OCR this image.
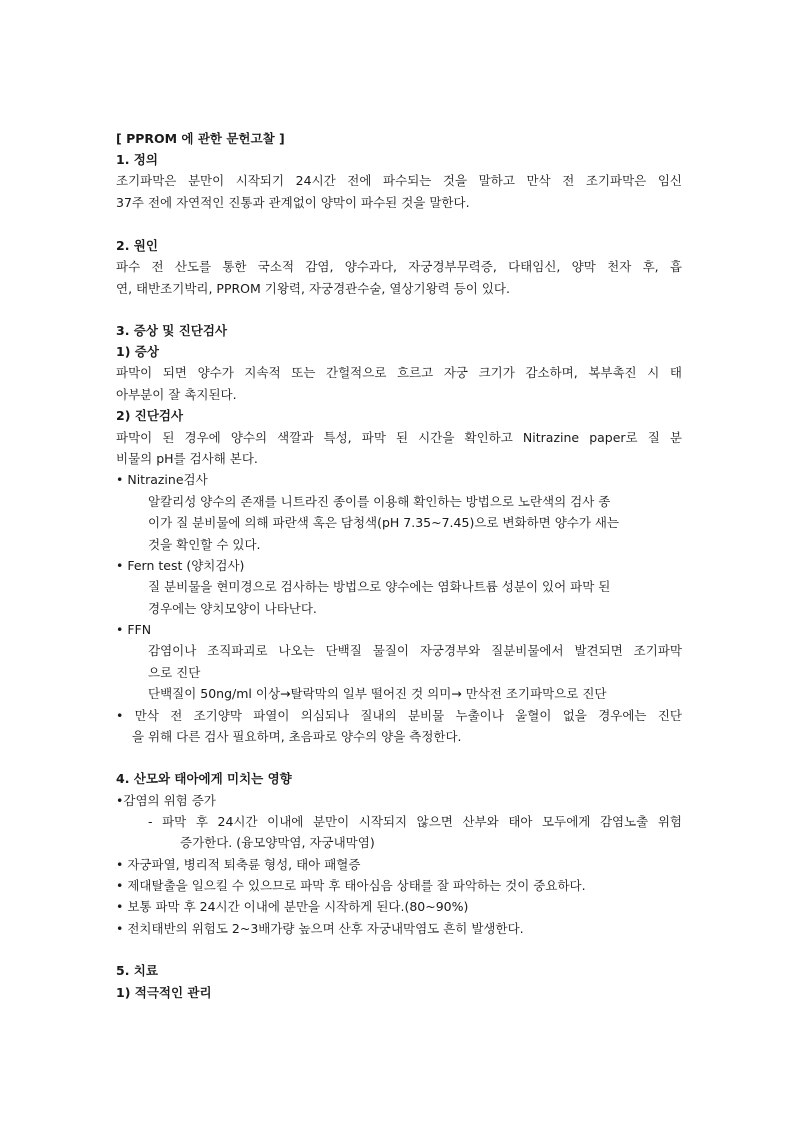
[ PPROM 에 관한 문헌고찰 ]
1. 정의
조기파막은 분만이 시작되기 24시간 전에 파수되는 것을 말하고 만삭 전 조기파막은 임신
37주 전에 자연적인 진통과 관계없이 양막이 파수된 것을 말한다.
2. 원인
파수 전 산도를 통한 국소적 감염, 양수과다, 자궁경부무력증, 다태임신, 양막 천자 후, 흡
연, 태반조기박리, PPROM 기왕력, 자궁경관수술, 열상기왕력 등이 있다.
3. 증상 및 진단검사
1) 증상
파막이 되면 양수가 지속적 또는 간헐적으로 흐르고 자궁 크기가 감소하며, 복부촉진 시 태
아부분이 잘 촉지된다.
2) 진단검사
파막이 된 경우에 양수의 색깔과 특성, 파막 된 시간을 확인하고 Nitrazine paper로 질 분
비물의 pH를 검사해 본다.
• Nitrazine검사
알칼리성 양수의 존재를 니트라진 종이를 이용해 확인하는 방법으로 노란색의 검사 종
이가 질 분비물에 의해 파란색 혹은 담청색(pH 7.35~7.45)으로 변화하면 양수가 새는
것을 확인할 수 있다.
• Fern test (양치검사)
질 분비물을 현미경으로 검사하는 방법으로 양수에는 염화나트륨 성분이 있어 파막 된
경우에는 양치모양이 나타난다.
• FFN
감염이나 조직파괴로 나오는 단백질 물질이 자궁경부와 질분비물에서 발견되면 조기파막
으로 진단
단백질이 50ng/ml 이상→탈락막의 일부 떨어진 것 의미→ 만삭전 조기파막으로 진단
• 만삭 전 조기양막 파열이 의심되나 질내의 분비물 누출이나 울혈이 없을 경우에는 진단
을 위해 다른 검사 필요하며, 초음파로 양수의 양을 측정한다.
4. 산모와 태아에게 미치는 영향
•감염의 위험 증가
- 파막 후 24시간 이내에 분만이 시작되지 않으면 산부와 태아 모두에게 감염노출 위험
증가한다. (융모양막염, 자궁내막염)
• 자궁파열, 병리적 퇴축륜 형성, 태아 패혈증
• 제대탈출을 일으킬 수 있으므로 파막 후 태아심음 상태를 잘 파악하는 것이 중요하다.
• 보통 파막 후 24시간 이내에 분만을 시작하게 된다.(80~90%)
• 전치태반의 위험도 2~3배가량 높으며 산후 자궁내막염도 흔히 발생한다.
5. 치료
1) 적극적인 관리
